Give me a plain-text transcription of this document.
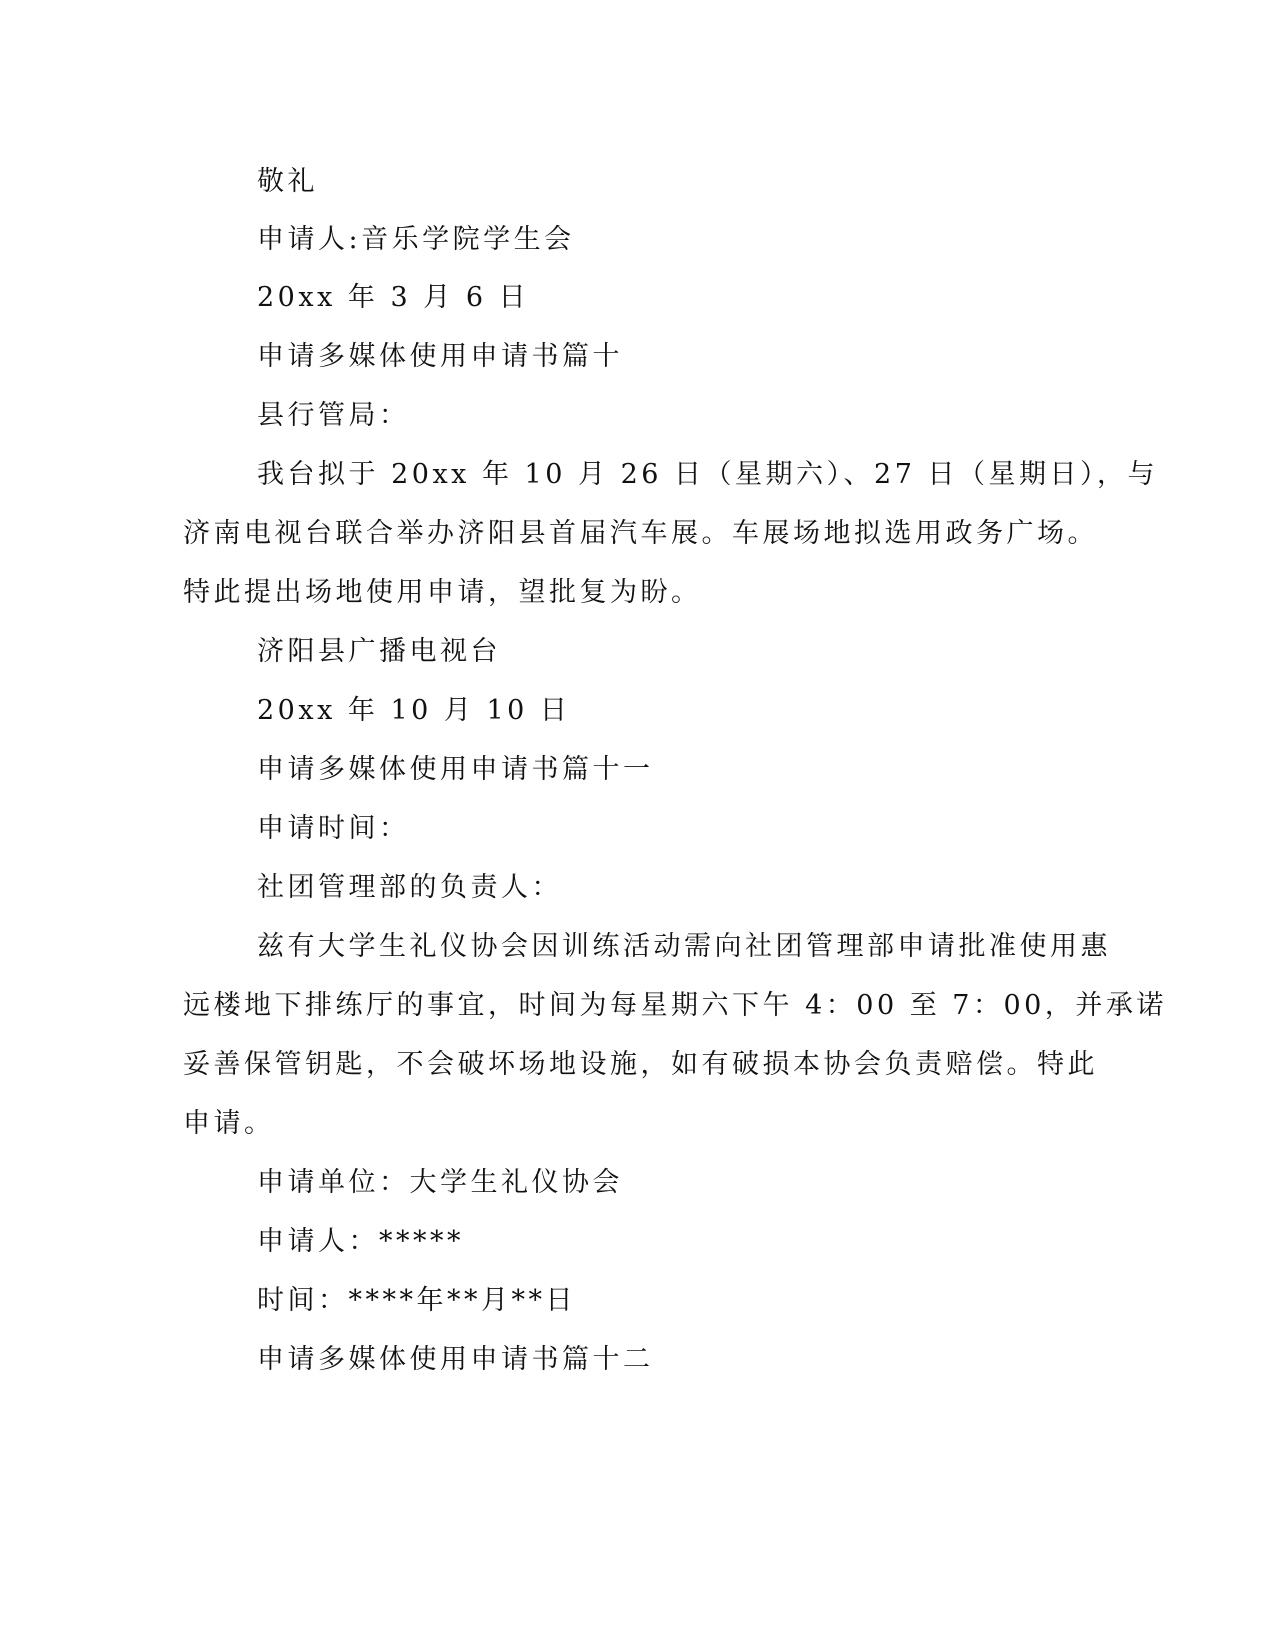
敬礼
申请人:音乐学院学生会
20xx 年 3 月 6 日
申请多媒体使用申请书篇十
县行管局：
我台拟于 20xx 年 10 月 26 日（星期六）、27 日（星期日），与
济南电视台联合举办济阳县首届汽车展。车展场地拟选用政务广场。
特此提出场地使用申请，望批复为盼。
济阳县广播电视台
20xx 年 10 月 10 日
申请多媒体使用申请书篇十一
申请时间：
社团管理部的负责人：
兹有大学生礼仪协会因训练活动需向社团管理部申请批准使用惠
远楼地下排练厅的事宜，时间为每星期六下午 4：00 至 7：00，并承诺
妥善保管钥匙，不会破坏场地设施，如有破损本协会负责赔偿。特此
申请。
申请单位：大学生礼仪协会
申请人：*****
时间：****年**月**日
申请多媒体使用申请书篇十二
